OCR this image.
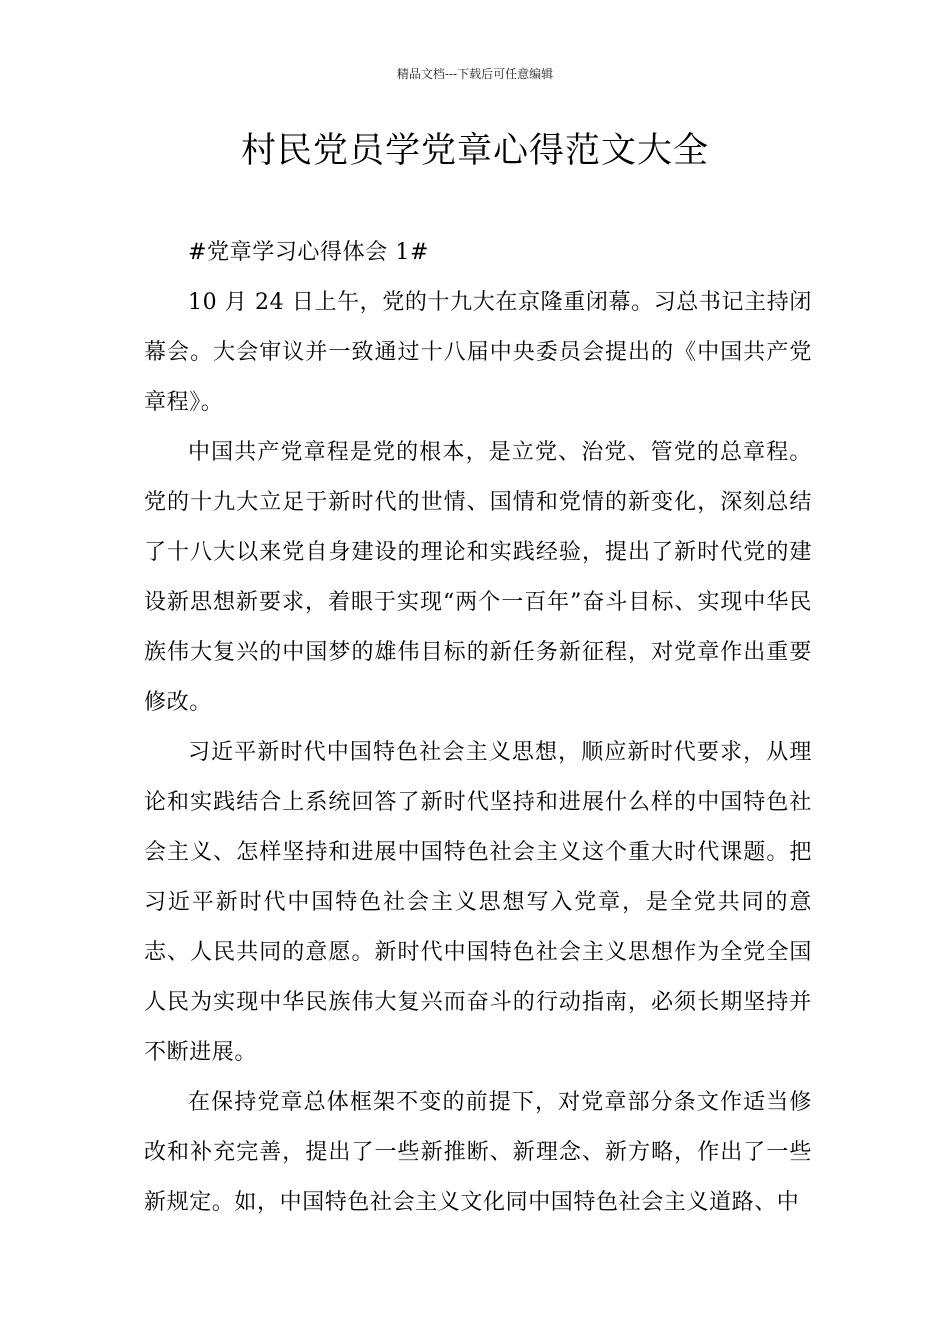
精品文档---下载后可任意编辑
村民党员学党章心得范文大全

#党章学习心得体会 1#

10 月 24 日上午，党的十九大在京隆重闭幕。习总书记主持闭幕会。大会审议并一致通过十八届中央委员会提出的《中国共产党章程》。

中国共产党章程是党的根本，是立党、治党、管党的总章程。党的十九大立足于新时代的世情、国情和党情的新变化，深刻总结了十八大以来党自身建设的理论和实践经验，提出了新时代党的建设新思想新要求，着眼于实现“两个一百年”奋斗目标、实现中华民族伟大复兴的中国梦的雄伟目标的新任务新征程，对党章作出重要修改。

习近平新时代中国特色社会主义思想，顺应新时代要求，从理论和实践结合上系统回答了新时代坚持和进展什么样的中国特色社会主义、怎样坚持和进展中国特色社会主义这个重大时代课题。把习近平新时代中国特色社会主义思想写入党章，是全党共同的意志、人民共同的意愿。新时代中国特色社会主义思想作为全党全国人民为实现中华民族伟大复兴而奋斗的行动指南，必须长期坚持并不断进展。

在保持党章总体框架不变的前提下，对党章部分条文作适当修改和补充完善，提出了一些新推断、新理念、新方略，作出了一些新规定。如，中国特色社会主义文化同中国特色社会主义道路、中
